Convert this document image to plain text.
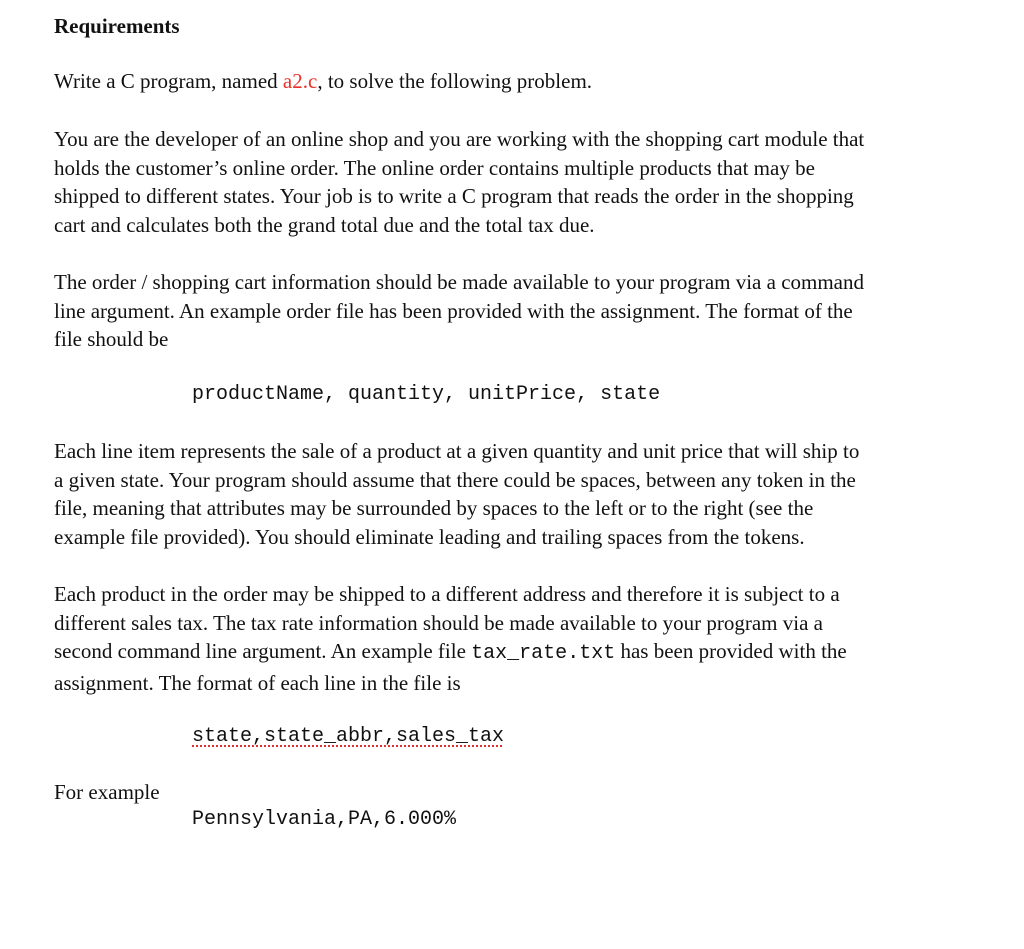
Requirements

Write a C program, named a2.c, to solve the following problem.

You are the developer of an online shop and you are working with the shopping cart module that
holds the customer’s online order. The online order contains multiple products that may be
shipped to different states. Your job is to write a C program that reads the order in the shopping
cart and calculates both the grand total due and the total tax due.

The order / shopping cart information should be made available to your program via a command
line argument. An example order file has been provided with the assignment. The format of the
file should be

productName, quantity, unitPrice, state

Each line item represents the sale of a product at a given quantity and unit price that will ship to
a given state. Your program should assume that there could be spaces, between any token in the
file, meaning that attributes may be surrounded by spaces to the left or to the right (see the
example file provided). You should eliminate leading and trailing spaces from the tokens.

Each product in the order may be shipped to a different address and therefore it is subject to a
different sales tax. The tax rate information should be made available to your program via a
second command line argument. An example file tax_rate.txt has been provided with the
assignment. The format of each line in the file is

state,state_abbr,sales_tax

For example

Pennsylvania,PA,6.000%
